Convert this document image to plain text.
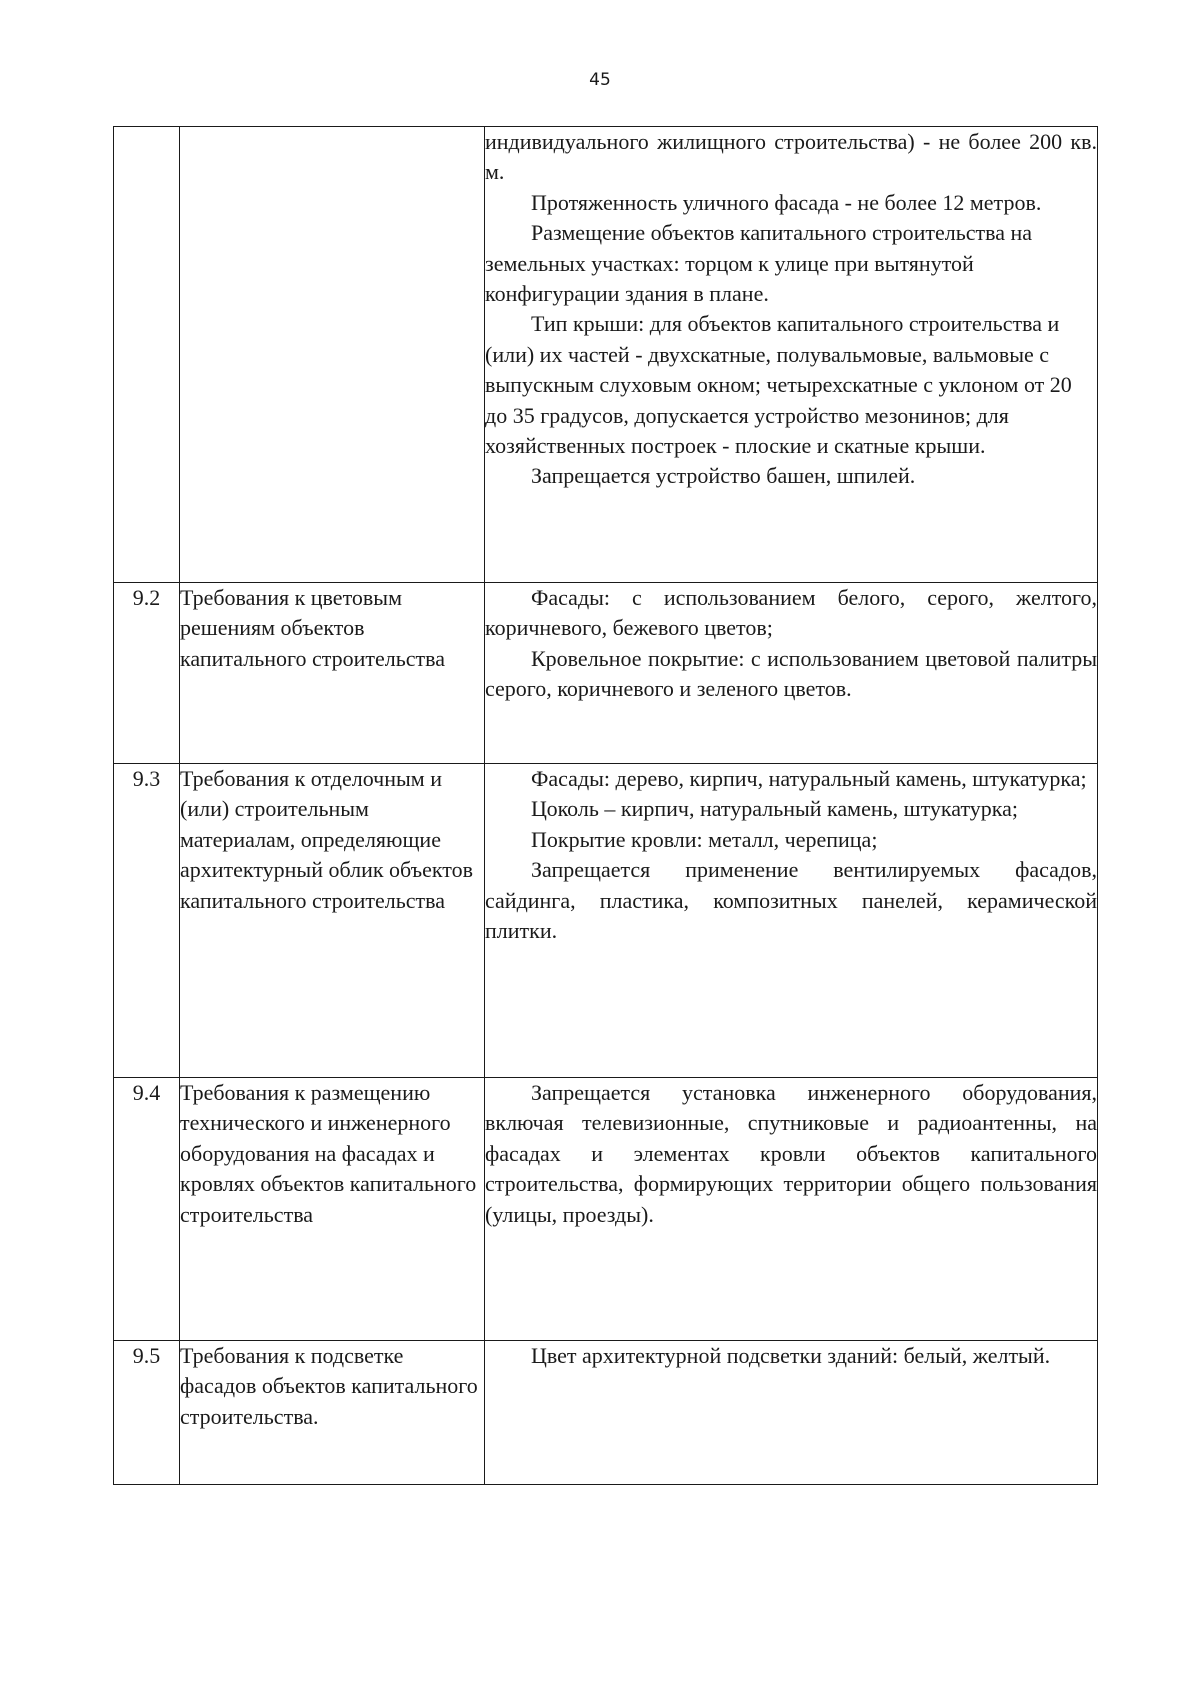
45

		индивидуального жилищного строительства) - не более 200 кв. м.

Протяженность уличного фасада - не более 12 метров.

Размещение объектов капитального строительства на земельных участках: торцом к улице при вытянутой конфигурации здания в плане.

Тип крыши: для объектов капитального строительства и (или) их частей - двухскатные, полувальмовые, вальмовые с выпускным слуховым окном; четырехскатные с уклоном от 20 до 35 градусов, допускается устройство мезонинов; для хозяйственных построек - плоские и скатные крыши.

Запрещается устройство башен, шпилей.

9.2	Требования к цветовым решениям объектов капитального строительства	Фасады: с использованием белого, серого, желтого, коричневого, бежевого цветов;

Кровельное покрытие: с использованием цветовой палитры серого, коричневого и зеленого цветов.

9.3	Требования к отделочным и (или) строительным материалам, определяющие архитектурный облик объектов капитального строительства	Фасады: дерево, кирпич, натуральный камень, штукатурка;

Цоколь – кирпич, натуральный камень, штукатурка;

Покрытие кровли: металл, черепица;

Запрещается применение вентилируемых фасадов, сайдинга, пластика, композитных панелей, керамической плитки.

9.4	Требования к размещению технического и инженерного оборудования на фасадах и кровлях объектов капитального строительства	Запрещается установка инженерного оборудования, включая телевизионные, спутниковые и радиоантенны, на фасадах и элементах кровли объектов капитального строительства, формирующих территории общего пользования (улицы, проезды).

9.5	Требования к подсветке фасадов объектов капитального строительства.	Цвет архитектурной подсветки зданий: белый, желтый.
